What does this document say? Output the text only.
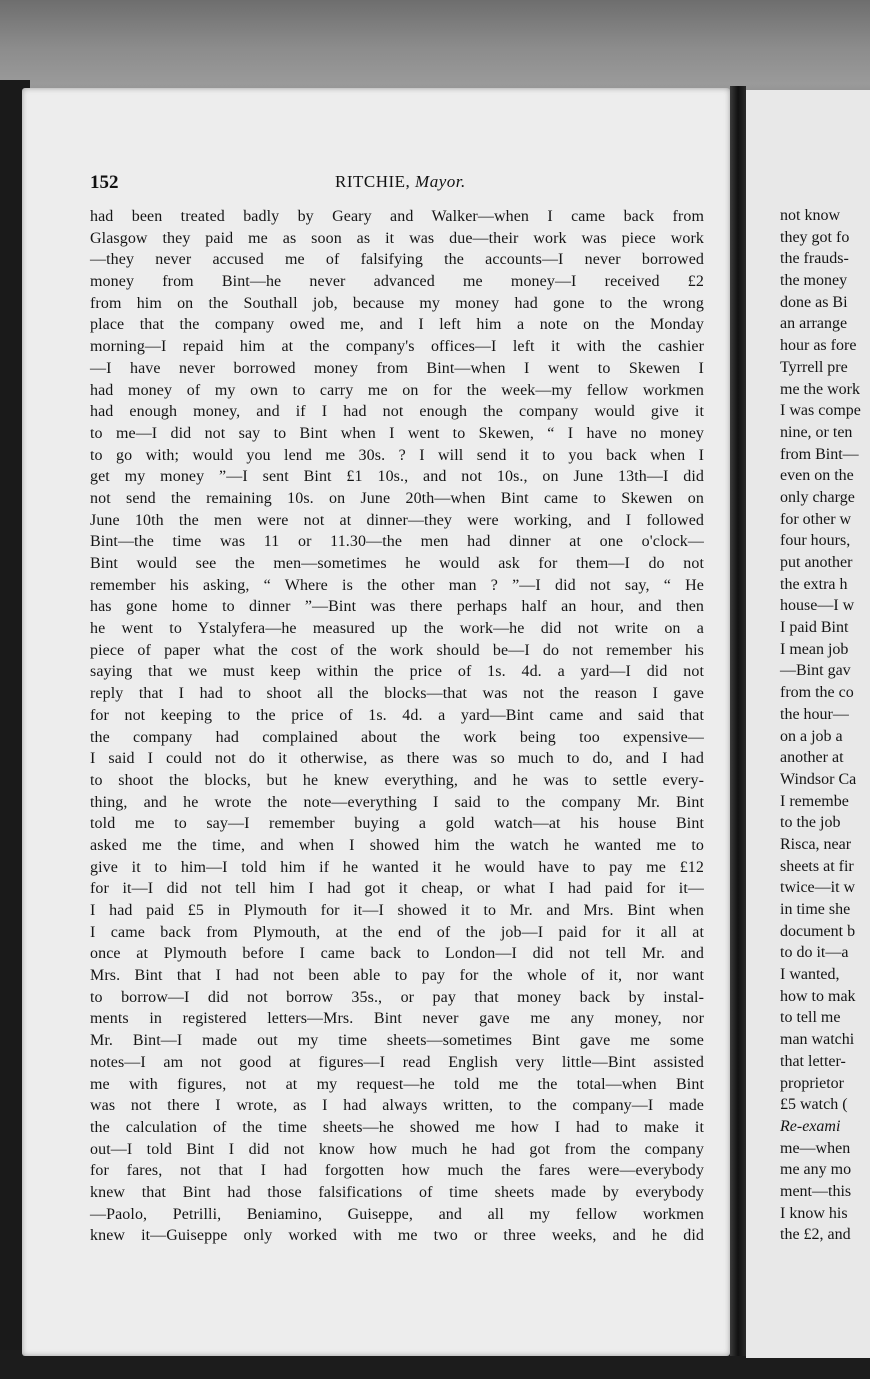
not know
they got fo
the frauds-
the money
done as Bi
an arrange
hour as fore
Tyrrell pre
me the work
I was compe
nine, or ten
from Bint—
even on the
only charge
for other w
four hours,
put another
the extra h
house—I w
I paid Bint
I mean job
—Bint gav
from the co
the hour—
on a job a
another at
Windsor Ca
I remembe
to the job
Risca, near
sheets at fir
twice—it w
in time she
document b
to do it—a
I wanted,
how to mak
to tell me
man watchi
that letter-
proprietor
£5 watch (
Re-exami
me—when
me any mo
ment—this
I know his
the £2, and
152	RITCHIE, Mayor.
had been treated badly by Geary and Walker—when I came back from
Glasgow they paid me as soon as it was due—their work was piece work
—they never accused me of falsifying the accounts—I never borrowed
money from Bint—he never advanced me money—I received £2
from him on the Southall job, because my money had gone to the wrong
place that the company owed me, and I left him a note on the Monday
morning—I repaid him at the company's offices—I left it with the cashier
—I have never borrowed money from Bint—when I went to Skewen I
had money of my own to carry me on for the week—my fellow workmen
had enough money, and if I had not enough the company would give it
to me—I did not say to Bint when I went to Skewen, “ I have no money
to go with; would you lend me 30s. ? I will send it to you back when I
get my money ”—I sent Bint £1 10s., and not 10s., on June 13th—I did
not send the remaining 10s. on June 20th—when Bint came to Skewen on
June 10th the men were not at dinner—they were working, and I followed
Bint—the time was 11 or 11.30—the men had dinner at one o'clock—
Bint would see the men—sometimes he would ask for them—I do not
remember his asking, “ Where is the other man ? ”—I did not say, “ He
has gone home to dinner ”—Bint was there perhaps half an hour, and then
he went to Ystalyfera—he measured up the work—he did not write on a
piece of paper what the cost of the work should be—I do not remember his
saying that we must keep within the price of 1s. 4d. a yard—I did not
reply that I had to shoot all the blocks—that was not the reason I gave
for not keeping to the price of 1s. 4d. a yard—Bint came and said that
the company had complained about the work being too expensive—
I said I could not do it otherwise, as there was so much to do, and I had
to shoot the blocks, but he knew everything, and he was to settle every-
thing, and he wrote the note—everything I said to the company Mr. Bint
told me to say—I remember buying a gold watch—at his house Bint
asked me the time, and when I showed him the watch he wanted me to
give it to him—I told him if he wanted it he would have to pay me £12
for it—I did not tell him I had got it cheap, or what I had paid for it—
I had paid £5 in Plymouth for it—I showed it to Mr. and Mrs. Bint when
I came back from Plymouth, at the end of the job—I paid for it all at
once at Plymouth before I came back to London—I did not tell Mr. and
Mrs. Bint that I had not been able to pay for the whole of it, nor want
to borrow—I did not borrow 35s., or pay that money back by instal-
ments in registered letters—Mrs. Bint never gave me any money, nor
Mr. Bint—I made out my time sheets—sometimes Bint gave me some
notes—I am not good at figures—I read English very little—Bint assisted
me with figures, not at my request—he told me the total—when Bint
was not there I wrote, as I had always written, to the company—I made
the calculation of the time sheets—he showed me how I had to make it
out—I told Bint I did not know how much he had got from the company
for fares, not that I had forgotten how much the fares were—everybody
knew that Bint had those falsifications of time sheets made by everybody
—Paolo, Petrilli, Beniamino, Guiseppe, and all my fellow workmen
knew it—Guiseppe only worked with me two or three weeks, and he did
